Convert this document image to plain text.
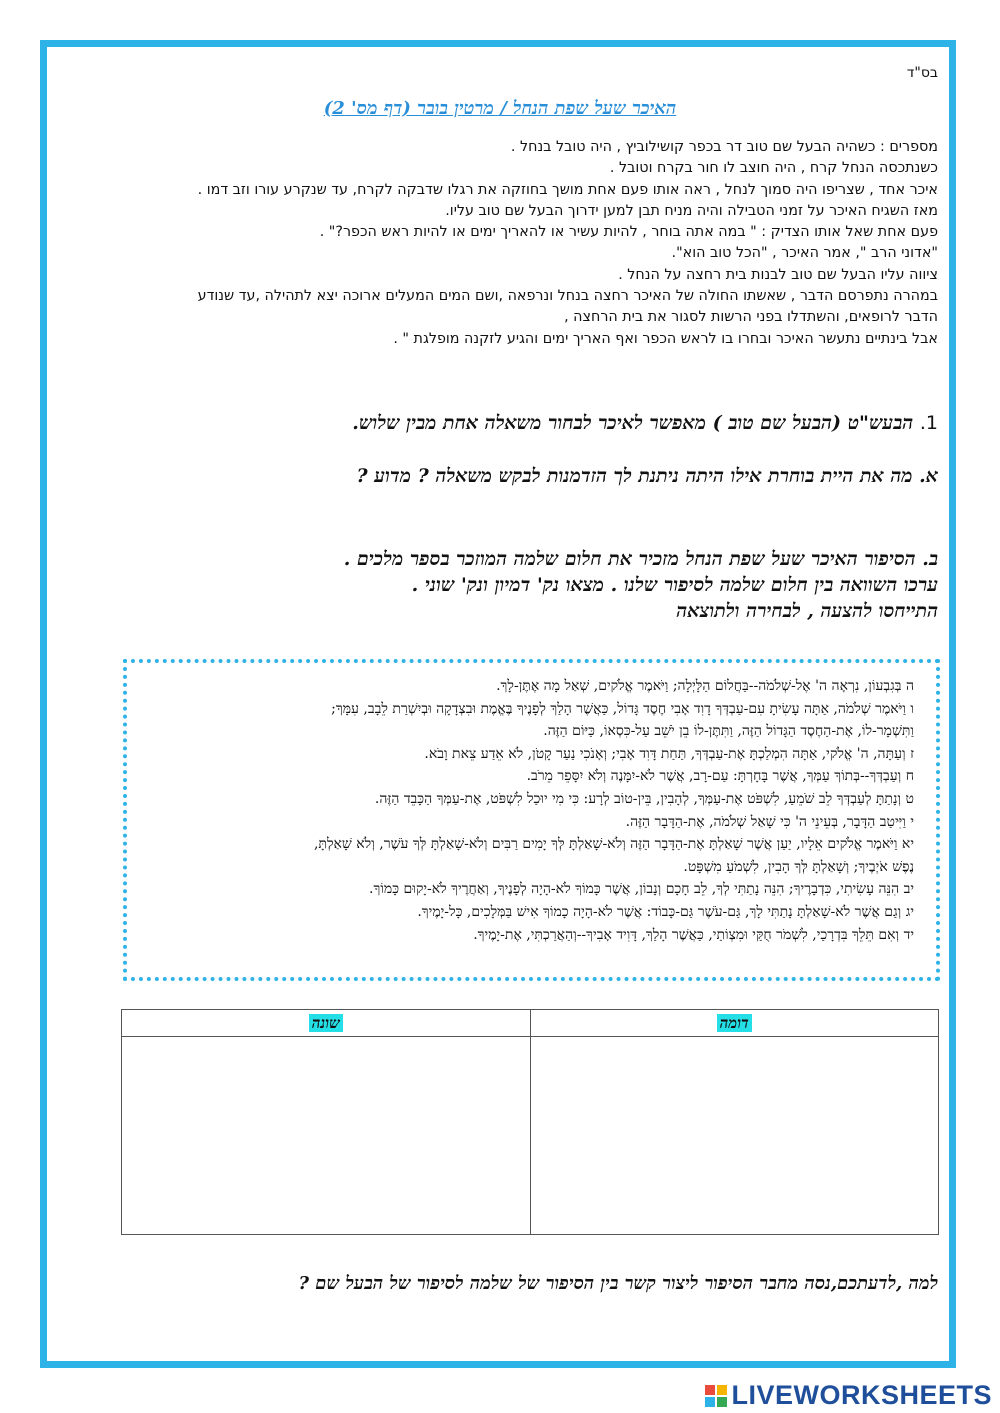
בס"ד
האיכר שעל שפת הנחל / מרטין בובר (דף מס' 2)

מספרים : כשהיה הבעל שם טוב דר בכפר קושילוביץ , היה טובל בנחל .

כשנתכסה הנחל קרח , היה חוצב לו חור בקרח וטובל .

איכר אחד , שצריפו היה סמוך לנחל , ראה אותו פעם אחת מושך בחוזקה את רגלו שדבקה לקרח, עד שנקרע עורו וזב דמו .

מאז השגיח האיכר על זמני הטבילה והיה מניח תבן למען ידרוך הבעל שם טוב עליו.

פעם אחת שאל אותו הצדיק : " במה אתה בוחר , להיות עשיר או להאריך ימים או להיות ראש הכפר?" .

"אדוני הרב ", אמר האיכר , "הכל טוב הוא".

ציווה עליו הבעל שם טוב לבנות בית רחצה על הנחל .

במהרה נתפרסם הדבר , שאשתו החולה של האיכר רחצה בנחל ונרפאה ,ושם המים המעלים ארוכה יצא לתהילה ,עד שנודע

הדבר לרופאים, והשתדלו בפני הרשות לסגור את בית הרחצה ,

אבל בינתיים נתעשר האיכר ובחרו בו לראש הכפר ואף האריך ימים והגיע לזקנה מופלגת " .

1. הבעש"ט (הבעל שם טוב ) מאפשר לאיכר לבחור משאלה אחת מבין שלוש.
א. מה את היית בוחרת אילו היתה ניתנת לך הזדמנות לבקש משאלה ? מדוע ?
ב. הסיפור האיכר שעל שפת הנחל מזכיר את חלום שלמה המוזכר בספר מלכים .
ערכו השוואה בין חלום שלמה לסיפור שלנו . מצאו נק' דמיון ונק' שוני .
התייחסו להצעה , לבחירה ולתוצאה

ה בְּגִבְעוֹן, נִרְאָה ה' אֶל-שְׁלֹמֹה--בַּחֲלוֹם הַלָּיְלָה; וַיֹּאמֶר אֱלֹקים, שְׁאַל מָה אֶתֶּן-לָךְ.

ו וַיֹּאמֶר שְׁלֹמֹה, אַתָּה עָשִׂיתָ עִם-עַבְדְּךָ דָוִד אָבִי חֶסֶד גָּדוֹל, כַּאֲשֶׁר הָלַךְ לְפָנֶיךָ בֶּאֱמֶת וּבִצְדָקָה וּבְיִשְׁרַת לֵבָב, עִמָּךְ;

וַתִּשְׁמָר-לוֹ, אֶת-הַחֶסֶד הַגָּדוֹל הַזֶּה, וַתִּתֶּן-לוֹ בֵן יֹשֵׁב עַל-כִּסְאוֹ, כַּיּוֹם הַזֶּה.

ז וְעַתָּה, ה' אֱלֹקי, אַתָּה הִמְלַכְתָּ אֶת-עַבְדְּךָ, תַּחַת דָּוִד אָבִי; וְאָנֹכִי נַעַר קָטֹן, לֹא אֵדַע צֵאת וָבֹא.

ח וְעַבְדְּךָ--בְּתוֹךְ עַמְּךָ, אֲשֶׁר בָּחָרְתָּ: עַם-רָב, אֲשֶׁר לֹא-יִמָּנֶה וְלֹא יִסָּפֵר מֵרֹב.

ט וְנָתַתָּ לְעַבְדְּךָ לֵב שֹׁמֵעַ, לִשְׁפֹּט אֶת-עַמְּךָ, לְהָבִין, בֵּין-טוֹב לְרָע: כִּי מִי יוּכַל לִשְׁפֹּט, אֶת-עַמְּךָ הַכָּבֵד הַזֶּה.

י וַיִּיטַב הַדָּבָר, בְּעֵינֵי ה' כִּי שָׁאַל שְׁלֹמֹה, אֶת-הַדָּבָר הַזֶּה.

יא וַיֹּאמֶר אֱלֹקים אֵלָיו, יַעַן אֲשֶׁר שָׁאַלְתָּ אֶת-הַדָּבָר הַזֶּה וְלֹא-שָׁאַלְתָּ לְּךָ יָמִים רַבִּים וְלֹא-שָׁאַלְתָּ לְּךָ עֹשֶׁר, וְלֹא שָׁאַלְתָּ,

נֶפֶשׁ אֹיְבֶיךָ; וְשָׁאַלְתָּ לְּךָ הָבִין, לִשְׁמֹעַ מִשְׁפָּט.

יב הִנֵּה עָשִׂיתִי, כִּדְבָרֶיךָ; הִנֵּה נָתַתִּי לְךָ, לֵב חָכָם וְנָבוֹן, אֲשֶׁר כָּמוֹךָ לֹא-הָיָה לְפָנֶיךָ, וְאַחֲרֶיךָ לֹא-יָקוּם כָּמוֹךָ.

יג וְגַם אֲשֶׁר לֹא-שָׁאַלְתָּ נָתַתִּי לָךְ, גַּם-עֹשֶׁר גַּם-כָּבוֹד: אֲשֶׁר לֹא-הָיָה כָמוֹךָ אִישׁ בַּמְּלָכִים, כָּל-יָמֶיךָ.

יד וְאִם תֵּלֵךְ בִּדְרָכַי, לִשְׁמֹר חֻקַּי וּמִצְוֹתַי, כַּאֲשֶׁר הָלַךְ, דָּוִיד אָבִיךָ--וְהַאֲרַכְתִּי, אֶת-יָמֶיךָ.

דומה	שונה

למה ,לדעתכם,נסה מחבר הסיפור ליצור קשר בין הסיפור של שלמה לסיפור של הבעל שם ?
LIVEWORKSHEETS
